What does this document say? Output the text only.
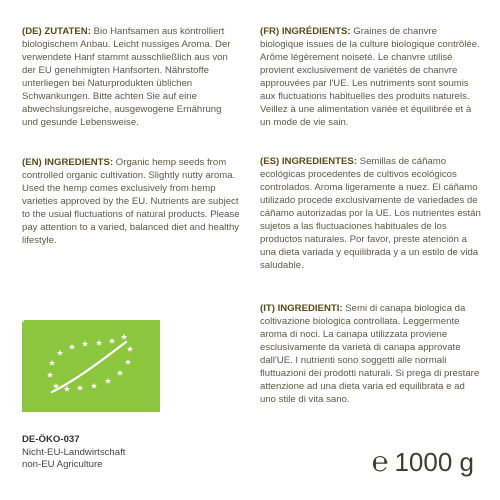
(DE) ZUTATEN: Bio Hanfsamen aus kontrolliert biologischem Anbau. Leicht nussiges Aroma. Der verwendete Hanf stammt ausschließlich aus von der EU genehmigten Hanfsorten. Nährstoffe unterliegen bei Naturprodukten üblichen Schwankungen. Bitte achten Sie auf eine abwechslungsreiche, ausgewogene Ernährung und gesunde Lebensweise.
(EN) INGREDIENTS: Organic hemp seeds from controlled organic cultivation. Slightly nutty aroma. Used the hemp comes exclusively from hemp varieties approved by the EU. Nutrients are subject to the usual fluctuations of natural products. Please pay attention to a varied, balanced diet and healthy lifestyle.
(FR) INGRÉDIENTS: Graines de chanvre biologique issues de la culture biologique contrôlée. Arôme légèrement noiseté. Le chanvre utilisé provient exclusivement de variétés de chanvre approuvées par l'UE. Les nutriments sont soumis aux fluctuations habituelles des produits naturels. Veillez à une alimentation variée et équilibrée et à un mode de vie sain.
(ES) INGREDIENTES: Semillas de cáñamo ecológicas procedentes de cultivos ecológicos controlados. Aroma ligeramente a nuez. El cáñamo utilizado procede exclusivamente de variedades de cáñamo autorizadas por la UE. Los nutrientes están sujetos a las fluctuaciones habituales de los productos naturales. Por favor, preste atención a una dieta variada y equilibrada y a un estilo de vida saludable.
(IT) INGREDIENTI: Semi di canapa biologica da coltivazione biologica controllata. Leggermente aroma di noci. La canapa utilizzata proviene esclusivamente da varietà di canapa approvate dall'UE. I nutrienti sono soggetti alle normali fluttuazioni dei prodotti naturali. Si prega di prestare attenzione ad una dieta varia ed equilibrata e ad uno stile di vita sano.
DE-ÖKO-037
Nicht-EU-Landwirtschaft
non-EU Agriculture	℮ 1000 g
